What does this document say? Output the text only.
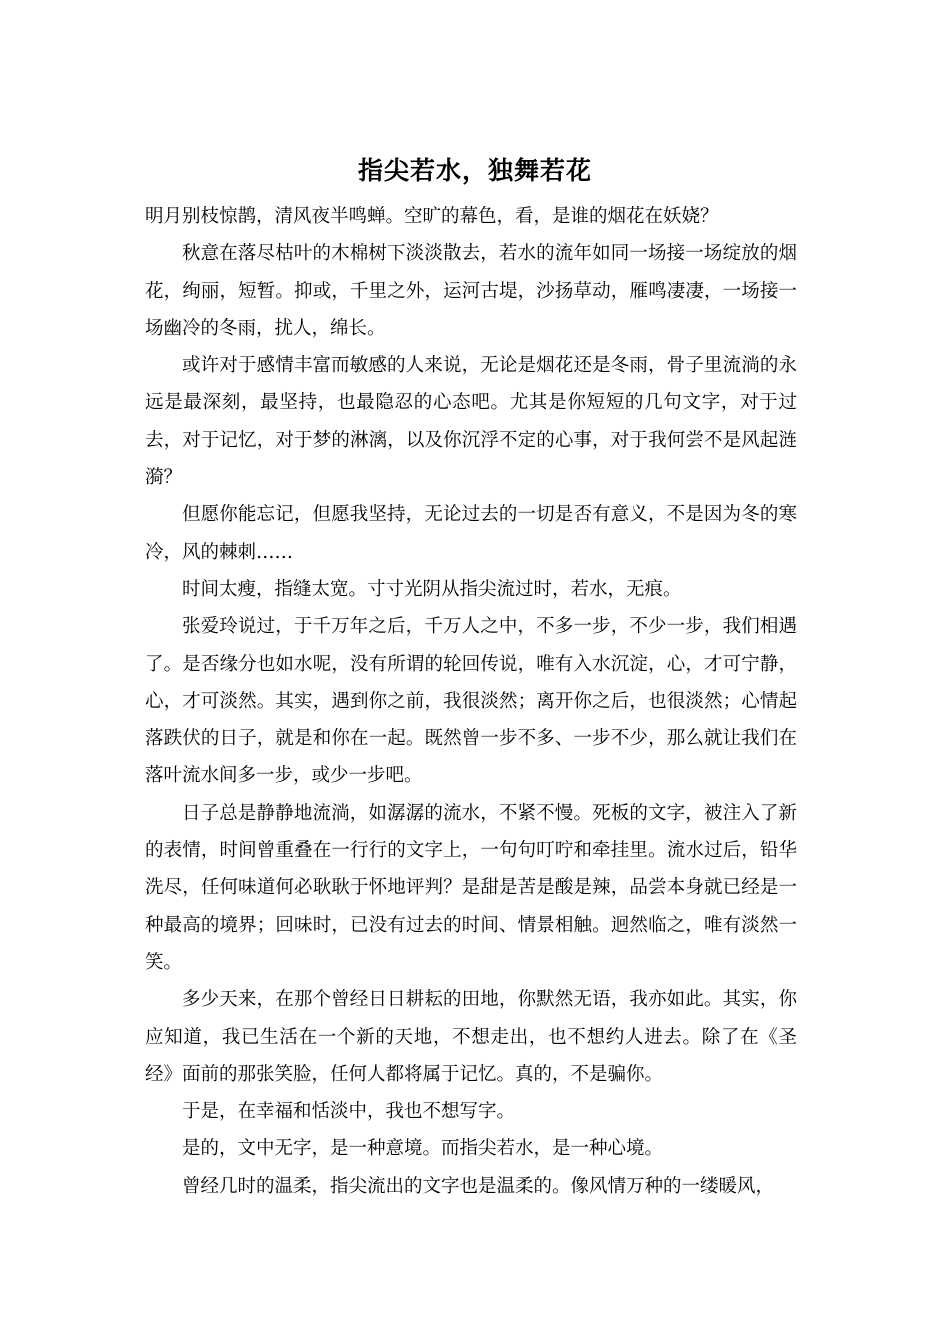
指尖若水，独舞若花

明月别枝惊鹊，清风夜半鸣蝉。空旷的幕色，看，是谁的烟花在妖娆？

秋意在落尽枯叶的木棉树下淡淡散去，若水的流年如同一场接一场绽放的烟花，绚丽，短暂。抑或，千里之外，运河古堤，沙扬草动，雁鸣凄凄，一场接一场幽冷的冬雨，扰人，绵长。

或许对于感情丰富而敏感的人来说，无论是烟花还是冬雨，骨子里流淌的永远是最深刻，最坚持，也最隐忍的心态吧。尤其是你短短的几句文字，对于过去，对于记忆，对于梦的淋漓，以及你沉浮不定的心事，对于我何尝不是风起涟漪？

但愿你能忘记，但愿我坚持，无论过去的一切是否有意义，不是因为冬的寒冷，风的棘刺……

时间太瘦，指缝太宽。寸寸光阴从指尖流过时，若水，无痕。

张爱玲说过，于千万年之后，千万人之中，不多一步，不少一步，我们相遇了。是否缘分也如水呢，没有所谓的轮回传说，唯有入水沉淀，心，才可宁静，心，才可淡然。其实，遇到你之前，我很淡然；离开你之后，也很淡然；心情起落跌伏的日子，就是和你在一起。既然曾一步不多、一步不少，那么就让我们在落叶流水间多一步，或少一步吧。

日子总是静静地流淌，如潺潺的流水，不紧不慢。死板的文字，被注入了新的表情，时间曾重叠在一行行的文字上，一句句叮咛和牵挂里。流水过后，铅华洗尽，任何味道何必耿耿于怀地评判？是甜是苦是酸是辣，品尝本身就已经是一种最高的境界；回味时，已没有过去的时间、情景相触。迥然临之，唯有淡然一笑。

多少天来，在那个曾经日日耕耘的田地，你默然无语，我亦如此。其实，你应知道，我已生活在一个新的天地，不想走出，也不想约人进去。除了在《圣经》面前的那张笑脸，任何人都将属于记忆。真的，不是骗你。

于是，在幸福和恬淡中，我也不想写字。

是的，文中无字，是一种意境。而指尖若水，是一种心境。

曾经几时的温柔，指尖流出的文字也是温柔的。像风情万种的一缕暖风，
